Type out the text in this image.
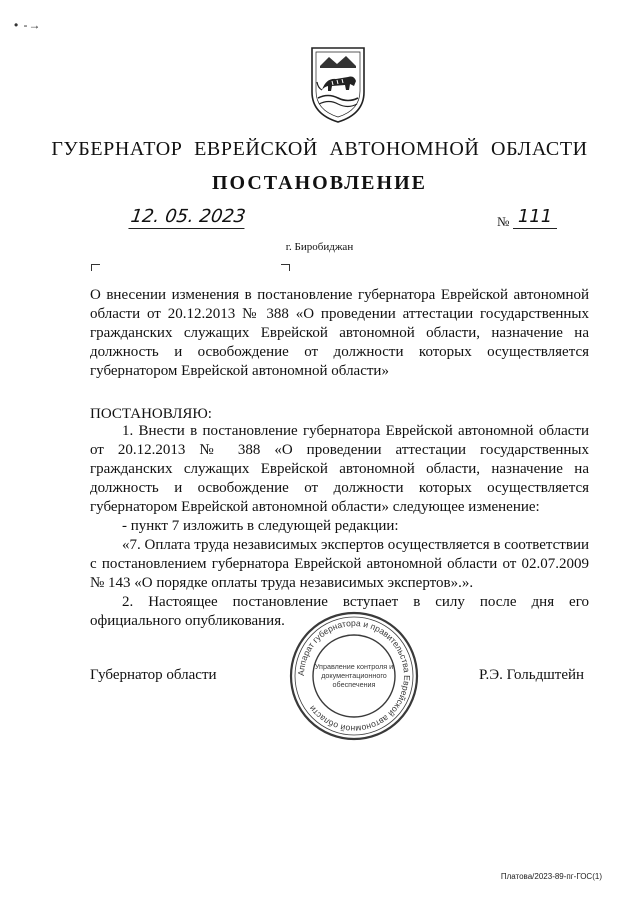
• -→
ГУБЕРНАТОР ЕВРЕЙСКОЙ АВТОНОМНОЙ ОБЛАСТИ
ПОСТАНОВЛЕНИЕ
12. 05. 2023	№ 111
г. Биробиджан

О внесении изменения в постановление губернатора Еврейской автономной области от 20.12.2013 № 388 «О проведении аттестации государственных гражданских служащих Еврейской автономной области, назначение на должность и освобождение от должности которых осуществляется губернатором Еврейской автономной области»

ПОСТАНОВЛЯЮ:

1. Внести в постановление губернатора Еврейской автономной области от 20.12.2013 № 388 «О проведении аттестации государственных гражданских служащих Еврейской автономной области, назначение на должность и освобождение от должности которых осуществляется губернатором Еврейской автономной области» следующее изменение:

- пункт 7 изложить в следующей редакции:

«7. Оплата труда независимых экспертов осуществляется в соответствии с постановлением губернатора Еврейской автономной области от 02.07.2009 № 143 «О порядке оплаты труда независимых экспертов».».

2. Настоящее постановление вступает в силу после дня его официального опубликования.

Губернатор области	Аппарат губернатора и правительства Еврейской автономной области
Управление контроля и
документационного
обеспечения
Р.Э. Гольдштейн
Платова/2023-89-пг-ГОС(1)
